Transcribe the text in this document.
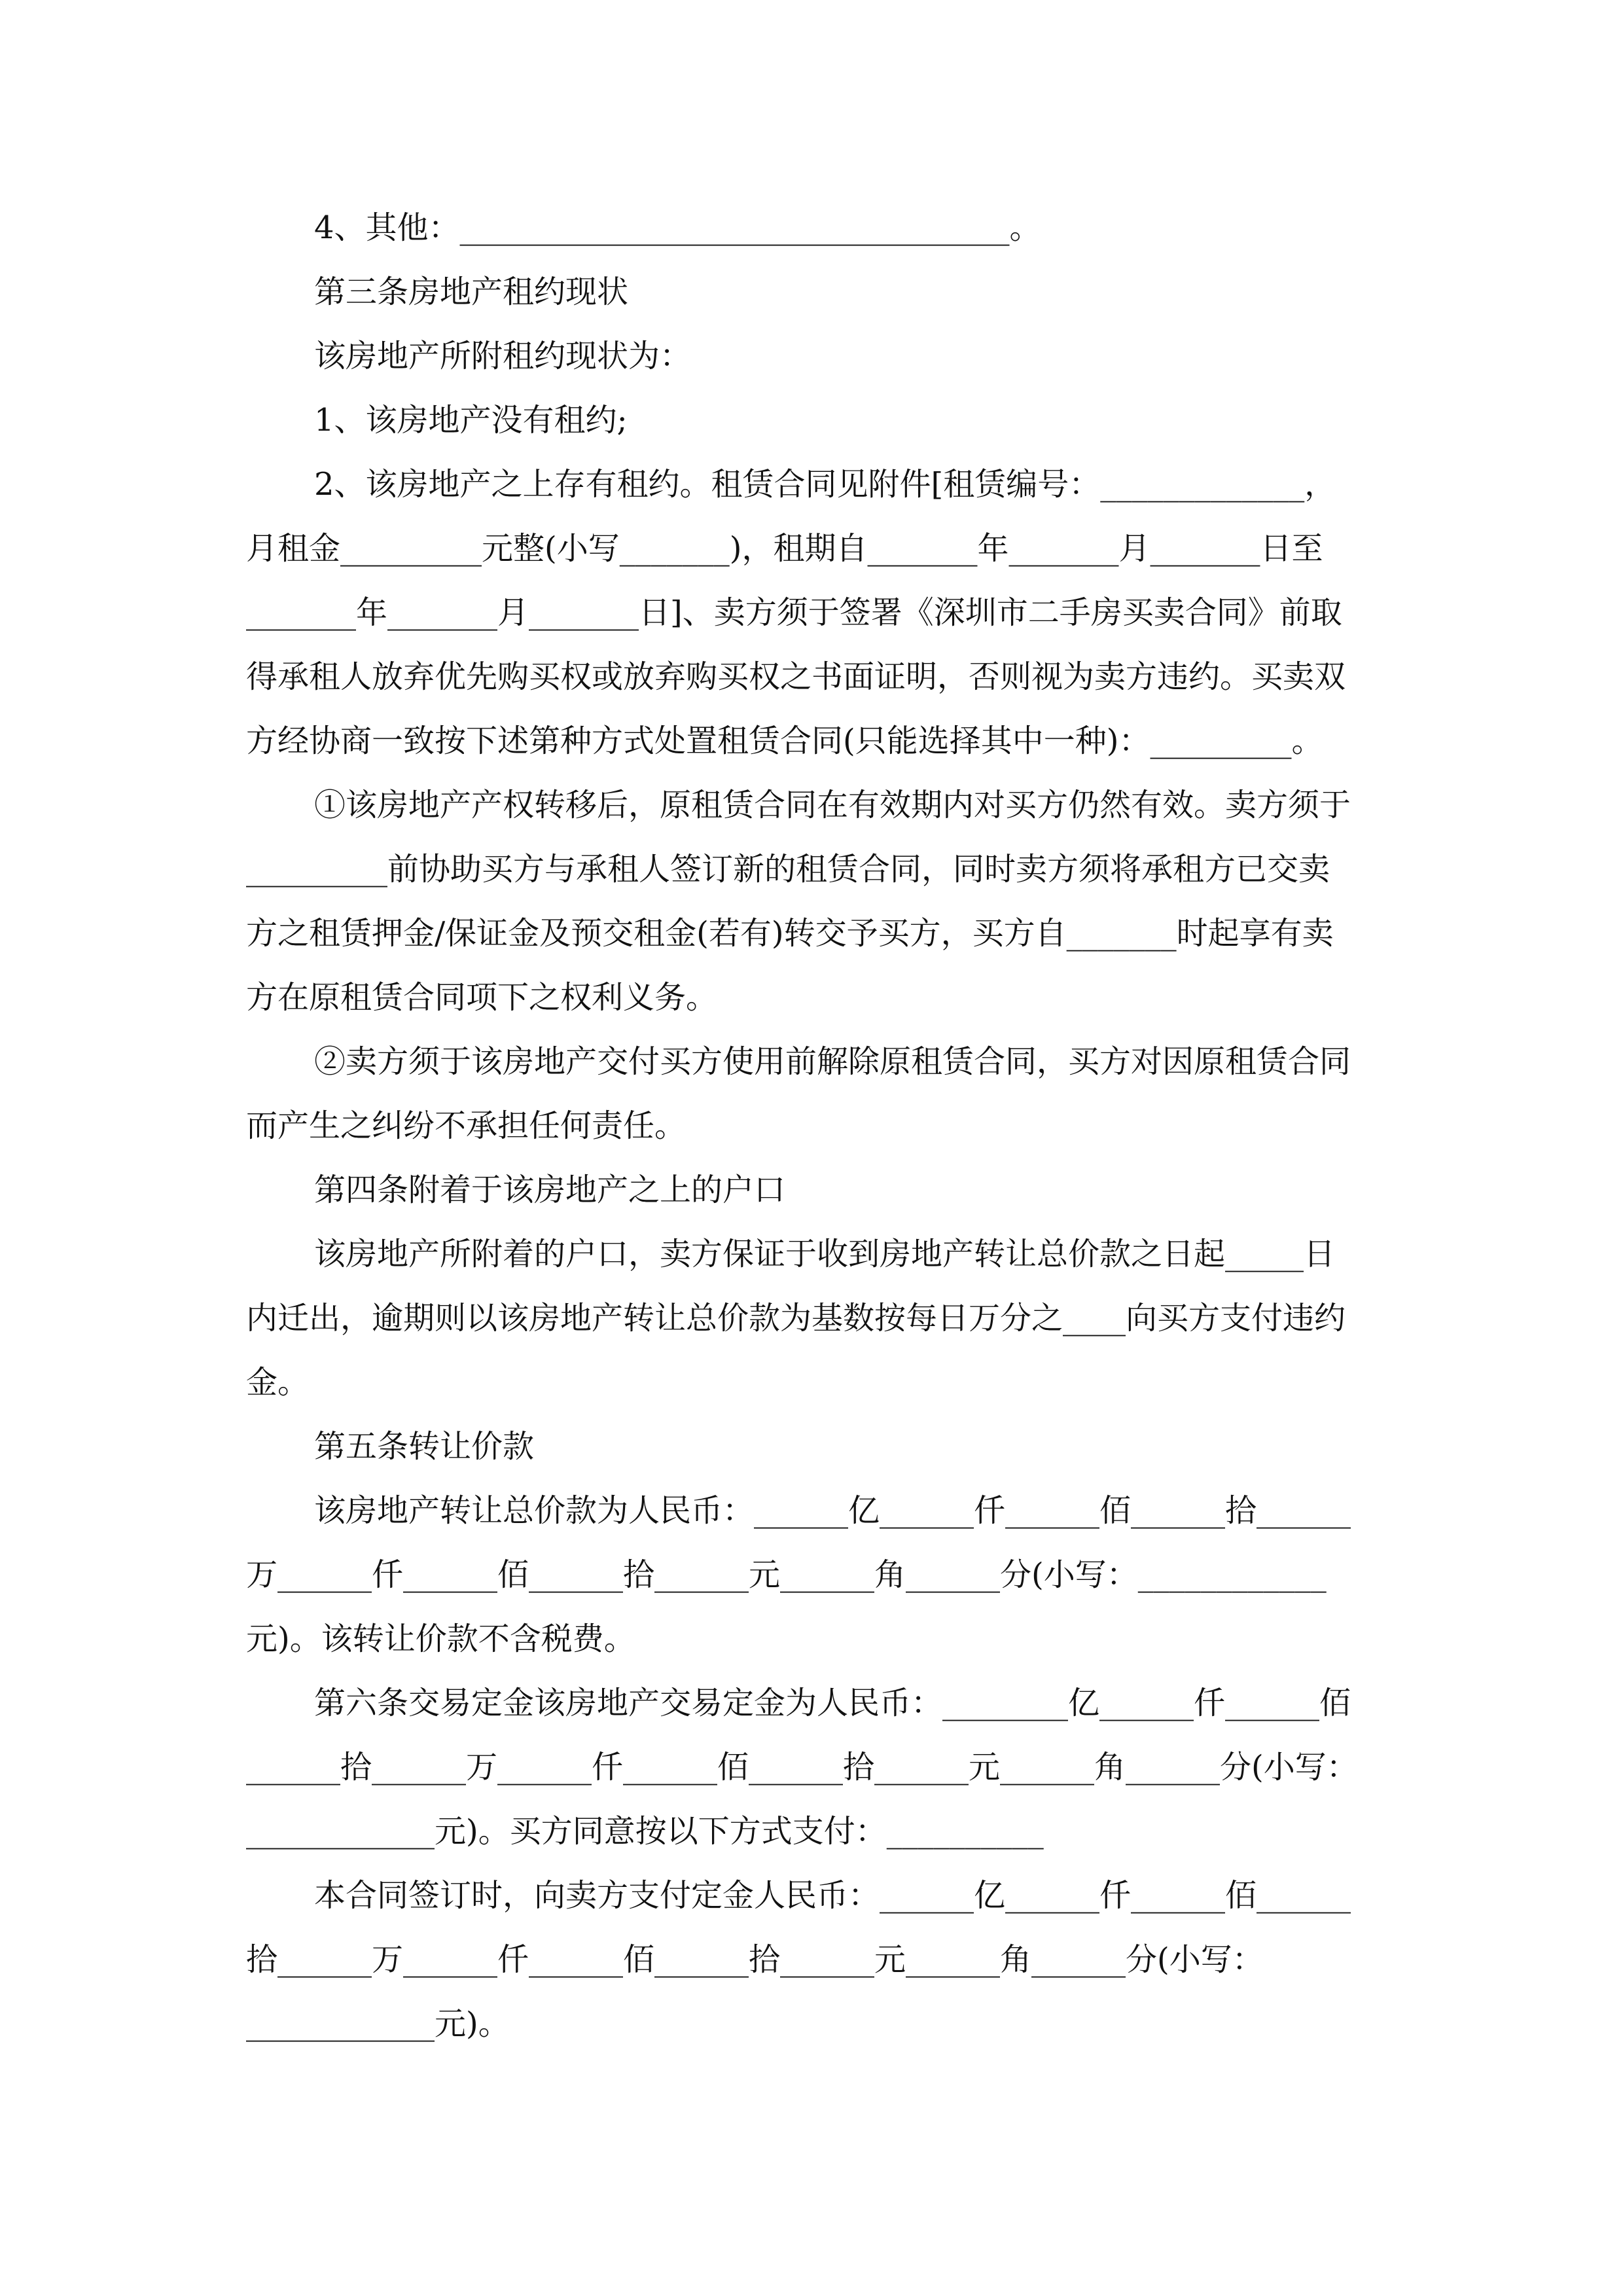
4、其他：___________________________________。
第三条房地产租约现状
该房地产所附租约现状为：
1、该房地产没有租约;
2、该房地产之上存有租约。租赁合同见附件[租赁编号：_____________，
月租金_________元整(小写_______)，租期自_______年_______月_______日至
_______年_______月_______日]、卖方须于签署《深圳市二手房买卖合同》前取
得承租人放弃优先购买权或放弃购买权之书面证明，否则视为卖方违约。买卖双
方经协商一致按下述第种方式处置租赁合同(只能选择其中一种)：_________。
①该房地产产权转移后，原租赁合同在有效期内对买方仍然有效。卖方须于
_________前协助买方与承租人签订新的租赁合同，同时卖方须将承租方已交卖
方之租赁押金/保证金及预交租金(若有)转交予买方，买方自_______时起享有卖
方在原租赁合同项下之权利义务。
②卖方须于该房地产交付买方使用前解除原租赁合同，买方对因原租赁合同
而产生之纠纷不承担任何责任。
第四条附着于该房地产之上的户口
该房地产所附着的户口，卖方保证于收到房地产转让总价款之日起_____日
内迁出，逾期则以该房地产转让总价款为基数按每日万分之____向买方支付违约
金。
第五条转让价款
该房地产转让总价款为人民币：______亿______仟______佰______拾______
万______仟______佰______拾______元______角______分(小写：____________
元)。该转让价款不含税费。
第六条交易定金该房地产交易定金为人民币：________亿______仟______佰
______拾______万______仟______佰______拾______元______角______分(小写：
____________元)。买方同意按以下方式支付：__________
本合同签订时，向卖方支付定金人民币：______亿______仟______佰______
拾______万______仟______佰______拾______元______角______分(小写：
____________元)。
